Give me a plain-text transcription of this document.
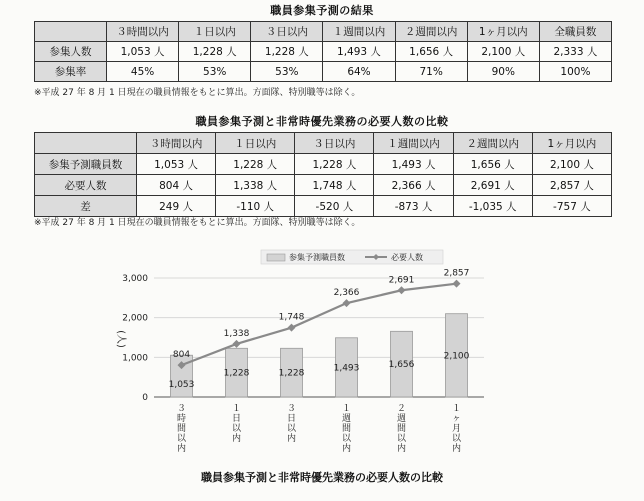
職員参集予測の結果
	３時間以内	１日以内	３日以内	１週間以内	２週間以内	1ヶ月以内	全職員数
参集人数	1,053 人	1,228 人	1,228 人	1,493 人	1,656 人	2,100 人	2,333 人
参集率	45%	53%	53%	64%	71%	90%	100%
※平成 27 年 8 月 1 日現在の職員情報をもとに算出。方面隊、特別職等は除く。
職員参集予測と非常時優先業務の必要人数の比較
	３時間以内	１日以内	３日以内	１週間以内	２週間以内	1ヶ月以内
参集予測職員数	1,053 人	1,228 人	1,228 人	1,493 人	1,656 人	2,100 人
必要人数	804 人	1,338 人	1,748 人	2,366 人	2,691 人	2,857 人
差	249 人	-110 人	-520 人	-873 人	-1,035 人	-757 人
※平成 27 年 8 月 1 日現在の職員情報をもとに算出。方面隊、特別職等は除く。
0
1,000
2,000
3,000
(人)
1,053
1,228	1,228
1,493	1,656
2,100
804
1,338
1,748
2,366
2,691
2,857
３
時
間
以
内
１
日
以
内
３
日
以
内
１
週
間
以
内
２
週
間
以
内
１
ヶ
月
以
内
参集予測職員数	必要人数
職員参集予測と非常時優先業務の必要人数の比較
